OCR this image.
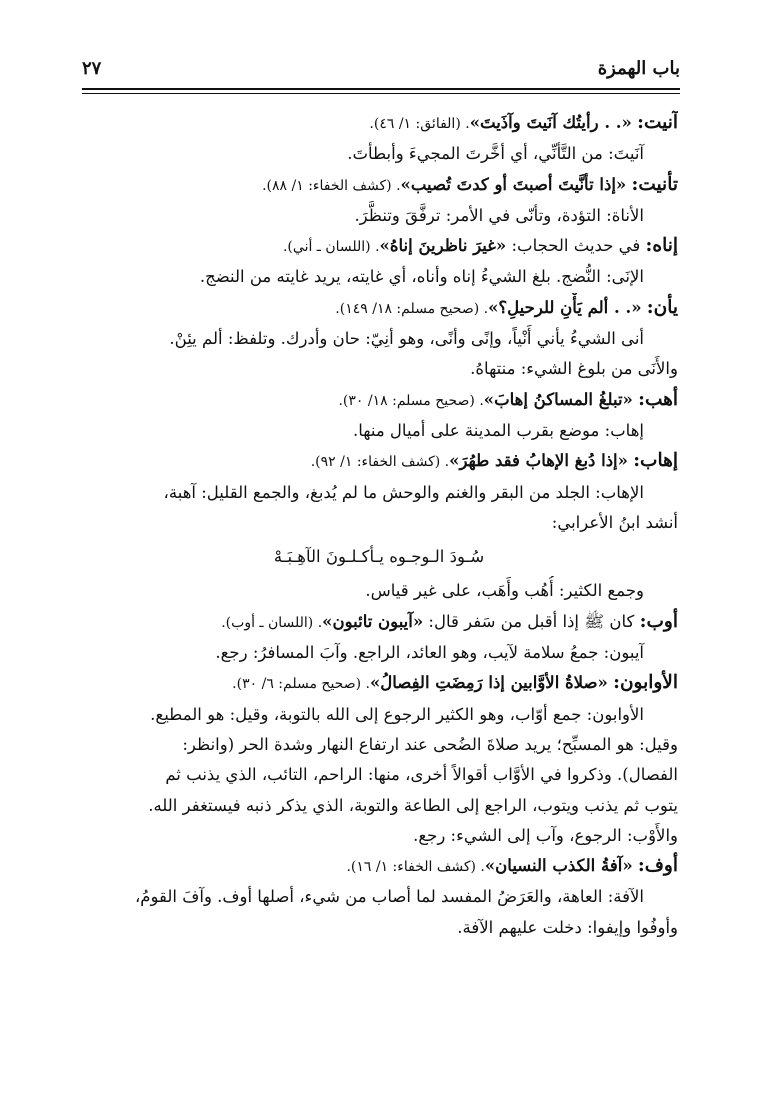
باب الهمزة
٢٧
آنيت: «. . رأيتُك آنَيتَ وآذَيتَ». (الفائق: ١/ ٤٦).
آنَيتَ: من التَّأنِّي، أي أخَّرتَ المجيءَ وأبطأتَ.
تأنيت: «إذا تأنَّيتَ أصبتَ أو كدتَ تُصيب». (كشف الخفاء: ١/ ٨٨).
الأناة: التؤدة، وتأنّى في الأمر: ترفَّقَ وتنظَّرَ.
إناه: في حديث الحجاب: «غيرَ ناظرينَ إناهُ». (اللسان ـ أني).
الإنَى: النُّضج. بلغ الشيءُ إناه وأناه، أي غايته، يريد غايته من النضج.
يأن: «. . ألم يَأْنِ للرحيلِ؟». (صحيح مسلم: ١٨/ ١٤٩).
أنى الشيءُ يأني أَنْياً، وإنًى وأنًى، وهو أنِيّ: حان وأدرك. وتلفظ: ألم يئِنْ.
والأَنَى من بلوغ الشيء: منتهاهُ.
أهب: «تبلغُ المساكنُ إهابَ». (صحيح مسلم: ١٨/ ٣٠).
إهاب: موضع بقرب المدينة على أميال منها.
إهاب: «إذا دُبغ الإهابُ فقد طهُرَ». (كشف الخفاء: ١/ ٩٢).
الإهاب: الجلد من البقر والغنم والوحش ما لم يُدبغ، والجمع القليل: آهبة،
أنشد ابنُ الأعرابي:
سُـودَ الـوجـوه يـأكـلـونَ الآهِـبَـهْ
وجمع الكثير: أُهُب وأَهَب، على غير قياس.
أوب: كان ﷺ إذا أقبل من سَفر قال: «آيبون تائبون». (اللسان ـ أوب).
آيبون: جمعُ سلامة لآيب، وهو العائد، الراجع. وآبَ المسافرُ: رجع.
الأوابون: «صلاةُ الأوَّابين إذا رَمِضَتِ الفِصالُ». (صحيح مسلم: ٦/ ٣٠).
الأوابون: جمع أوّاب، وهو الكثير الرجوع إلى الله بالتوبة، وقيل: هو المطيع.
وقيل: هو المسبِّح؛ يريد صلاةَ الضُحى عند ارتفاع النهار وشدة الحر (وانظر:
الفصال). وذكروا في الأوَّاب أقوالاً أخرى، منها: الراحم، التائب، الذي يذنب ثم
يتوب ثم يذنب ويتوب، الراجع إلى الطاعة والتوبة، الذي يذكر ذنبه فيستغفر الله.
والأَوْب: الرجوع، وآب إلى الشيء: رجع.
أوف: «آفةُ الكذب النسيان». (كشف الخفاء: ١/ ١٦).
الآفة: العاهة، والعَرَضُ المفسد لما أصاب من شيء، أصلها أوف. وآفَ القومُ،
وأوفُوا وإيفوا: دخلت عليهم الآفة.
